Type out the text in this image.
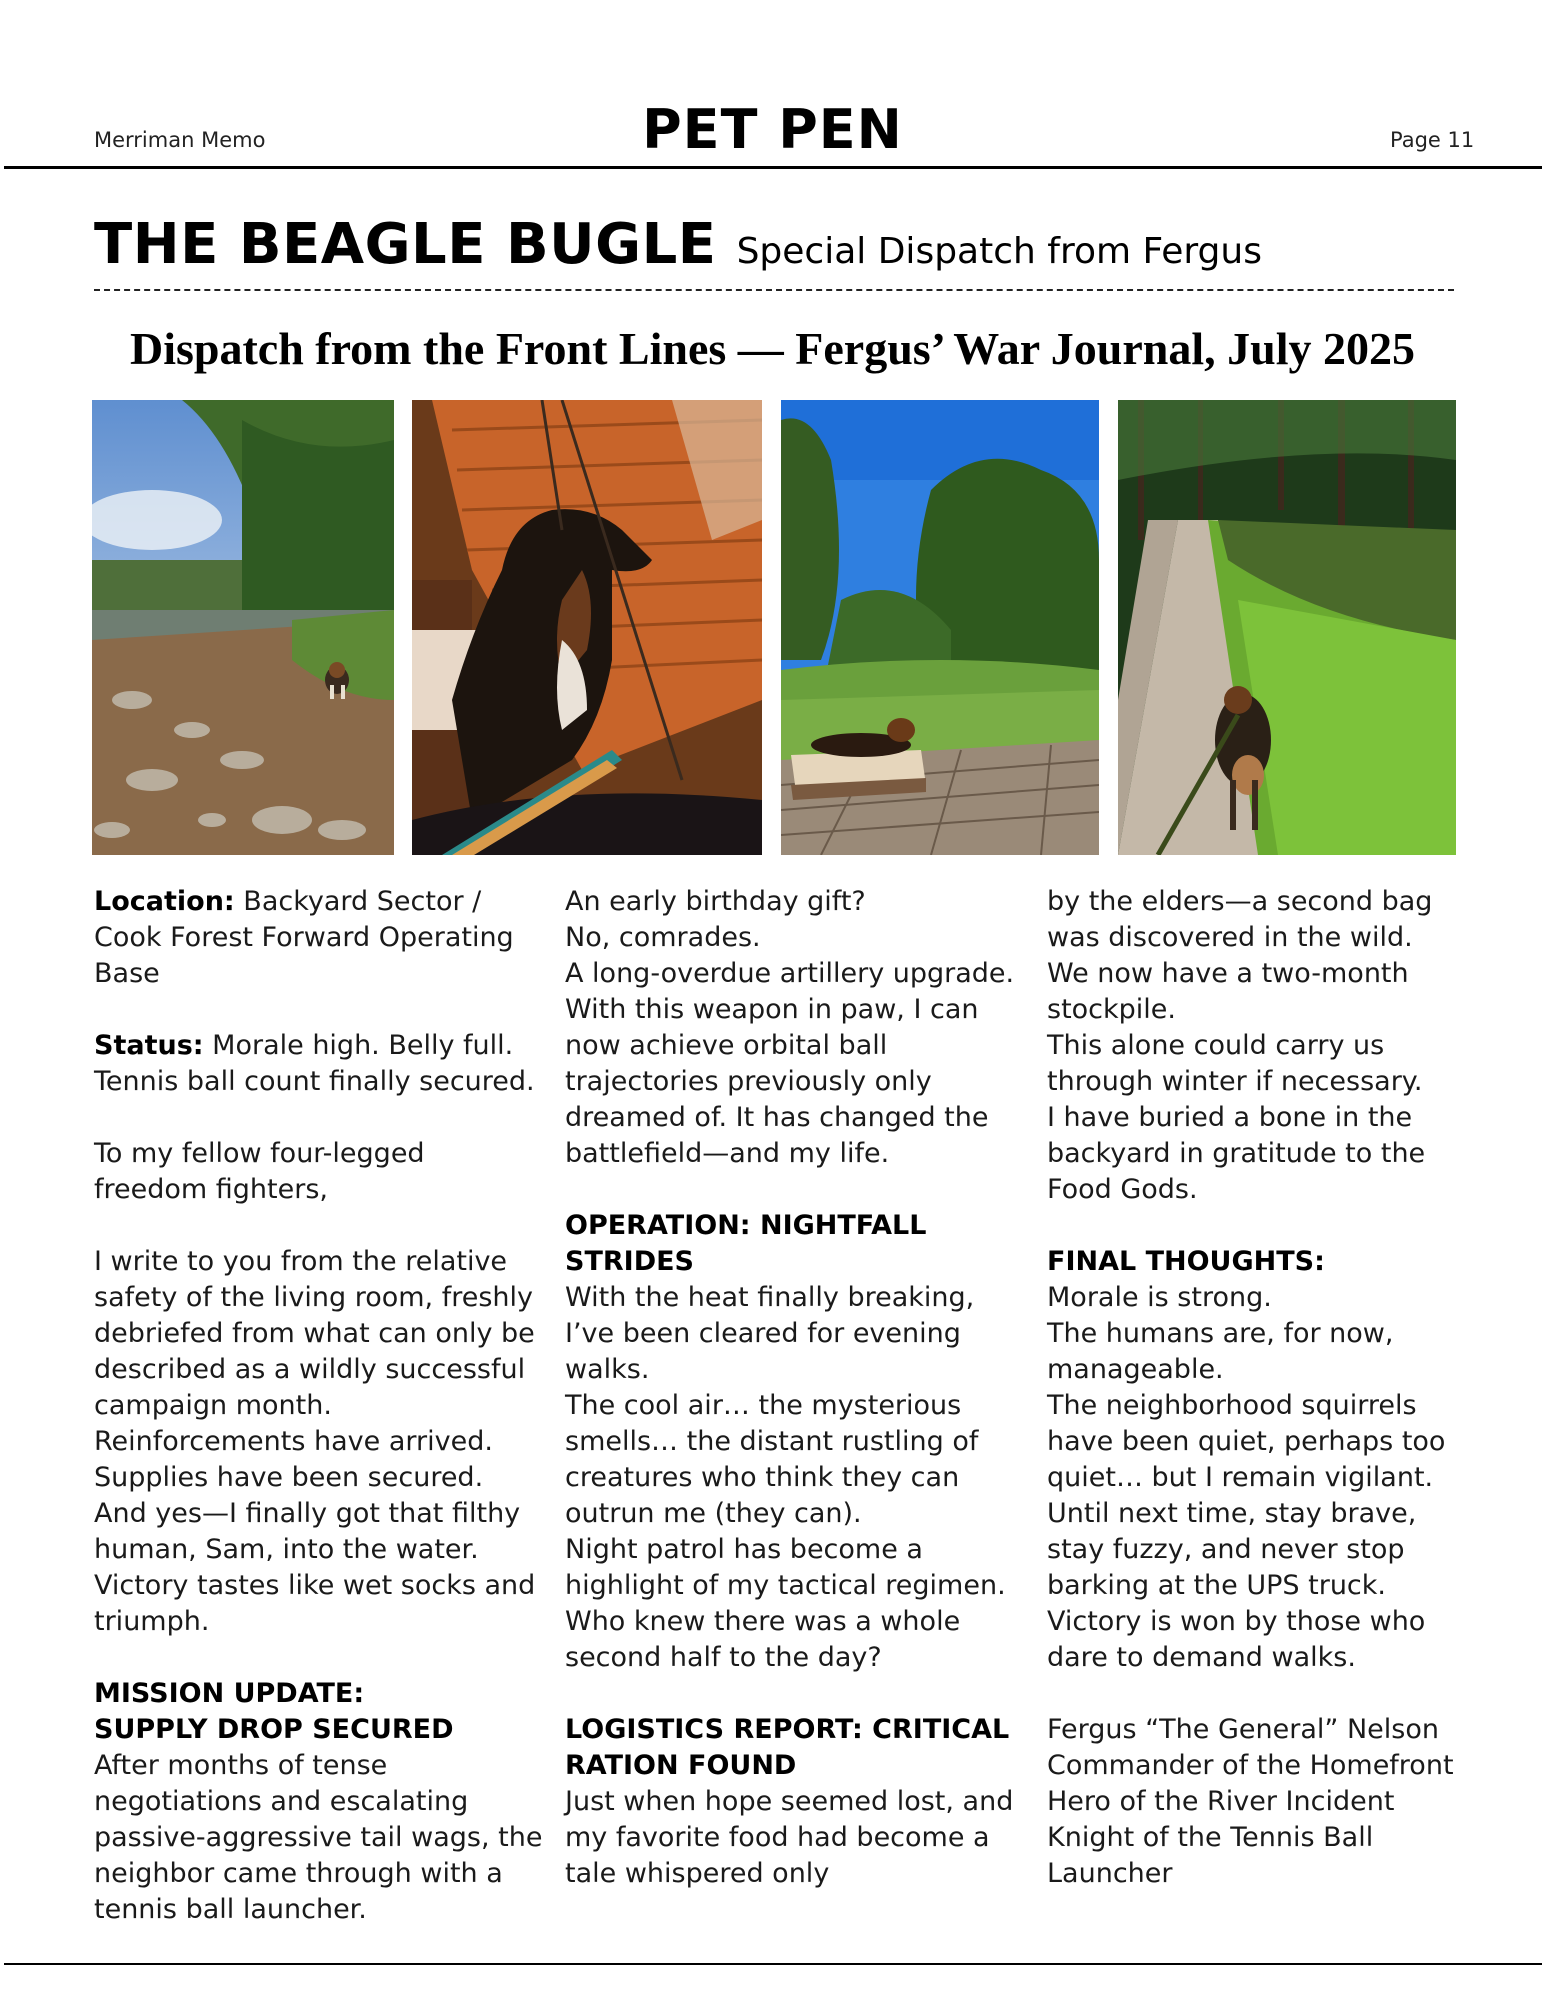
Merriman Memo	PET PEN	Page 11
THE BEAGLE BUGLE Special Dispatch from Fergus
Dispatch from the Front Lines — Fergus’ War Journal, July 2025

Location: Backyard Sector / Cook Forest Forward Operating Base

Status: Morale high. Belly full. Tennis ball count finally secured.

To my fellow four-legged freedom fighters,

I write to you from the relative safety of the living room, freshly debriefed from what can only be described as a wildly successful campaign month.

Reinforcements have arrived.

Supplies have been secured.

And yes—I finally got that filthy human, Sam, into the water.

Victory tastes like wet socks and triumph.

MISSION UPDATE:

SUPPLY DROP SECURED

After months of tense negotiations and escalating passive-aggressive tail wags, the neighbor came through with a tennis ball launcher.

An early birthday gift?

No, comrades.

A long-overdue artillery upgrade.

With this weapon in paw, I can now achieve orbital ball trajectories previously only dreamed of. It has changed the battlefield—and my life.

OPERATION: NIGHTFALL STRIDES

With the heat finally breaking, I’ve been cleared for evening walks.

The cool air… the mysterious smells… the distant rustling of creatures who think they can outrun me (they can).

Night patrol has become a highlight of my tactical regimen. Who knew there was a whole second half to the day?

LOGISTICS REPORT: CRITICAL RATION FOUND

Just when hope seemed lost, and my favorite food had become a tale whispered only

by the elders—a second bag was discovered in the wild.

We now have a two-month stockpile.

This alone could carry us through winter if necessary.

I have buried a bone in the backyard in gratitude to the Food Gods.

FINAL THOUGHTS:

Morale is strong.

The humans are, for now, manageable.

The neighborhood squirrels have been quiet, perhaps too quiet… but I remain vigilant.

Until next time, stay brave, stay fuzzy, and never stop barking at the UPS truck.

Victory is won by those who dare to demand walks.

Fergus “The General” Nelson

Commander of the Homefront

Hero of the River Incident

Knight of the Tennis Ball Launcher
